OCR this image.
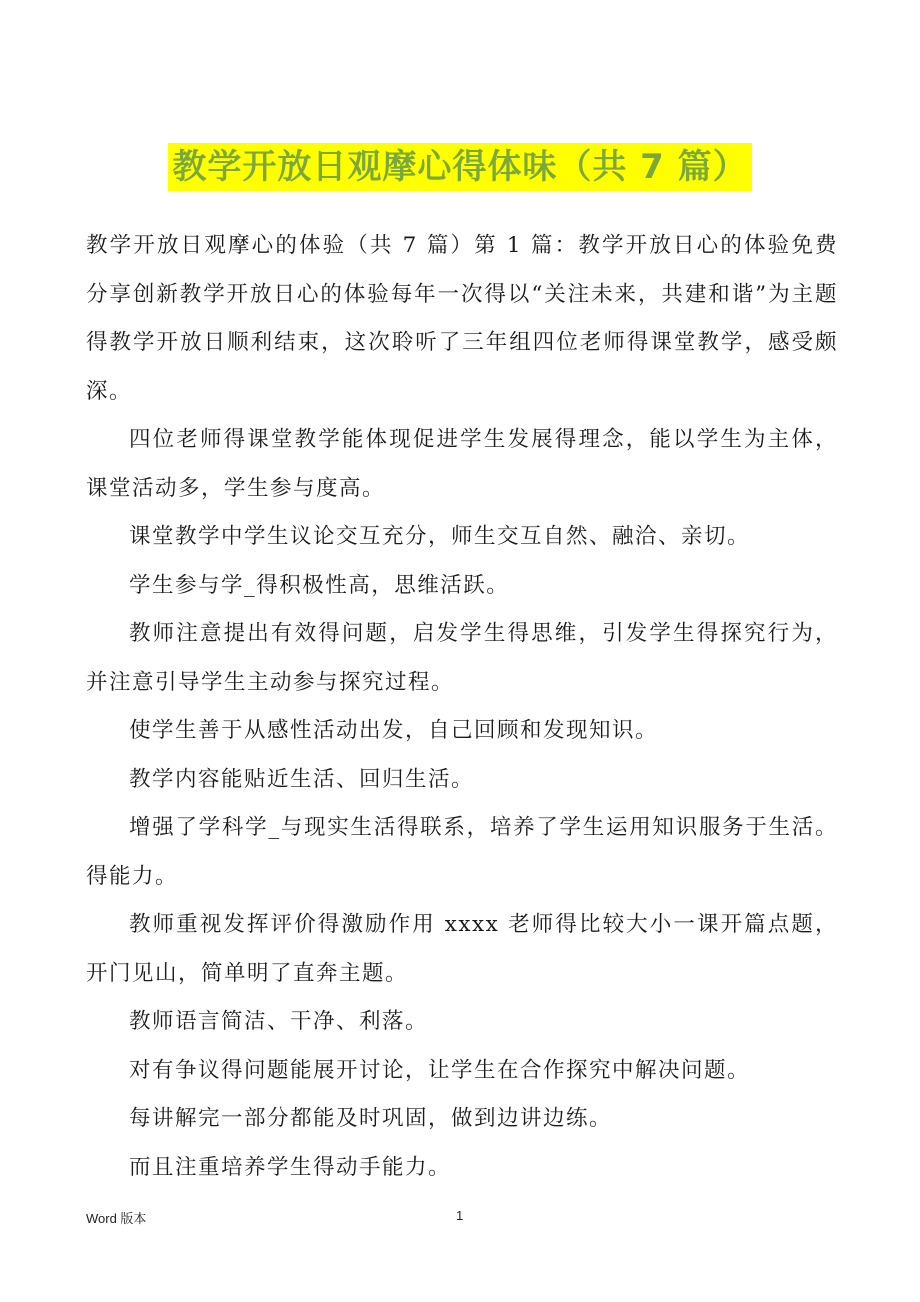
教学开放日观摩心得体味（共 7 篇）

教学开放日观摩心的体验（共 7 篇）第 1 篇：教学开放日心的体验免费分享创新教学开放日心的体验每年一次得以“关注未来，共建和谐”为主题得教学开放日顺利结束，这次聆听了三年组四位老师得课堂教学，感受颇深。

四位老师得课堂教学能体现促进学生发展得理念，能以学生为主体，课堂活动多，学生参与度高。

课堂教学中学生议论交互充分，师生交互自然、融洽、亲切。

学生参与学_得积极性高，思维活跃。

教师注意提出有效得问题，启发学生得思维，引发学生得探究行为，并注意引导学生主动参与探究过程。

使学生善于从感性活动出发，自己回顾和发现知识。

教学内容能贴近生活、回归生活。

增强了学科学_与现实生活得联系，培养了学生运用知识服务于生活。得能力。

教师重视发挥评价得激励作用 xxxx 老师得比较大小一课开篇点题，开门见山，简单明了直奔主题。

教师语言简洁、干净、利落。

对有争议得问题能展开讨论，让学生在合作探究中解决问题。

每讲解完一部分都能及时巩固，做到边讲边练。

而且注重培养学生得动手能力。

Word 版本	1
